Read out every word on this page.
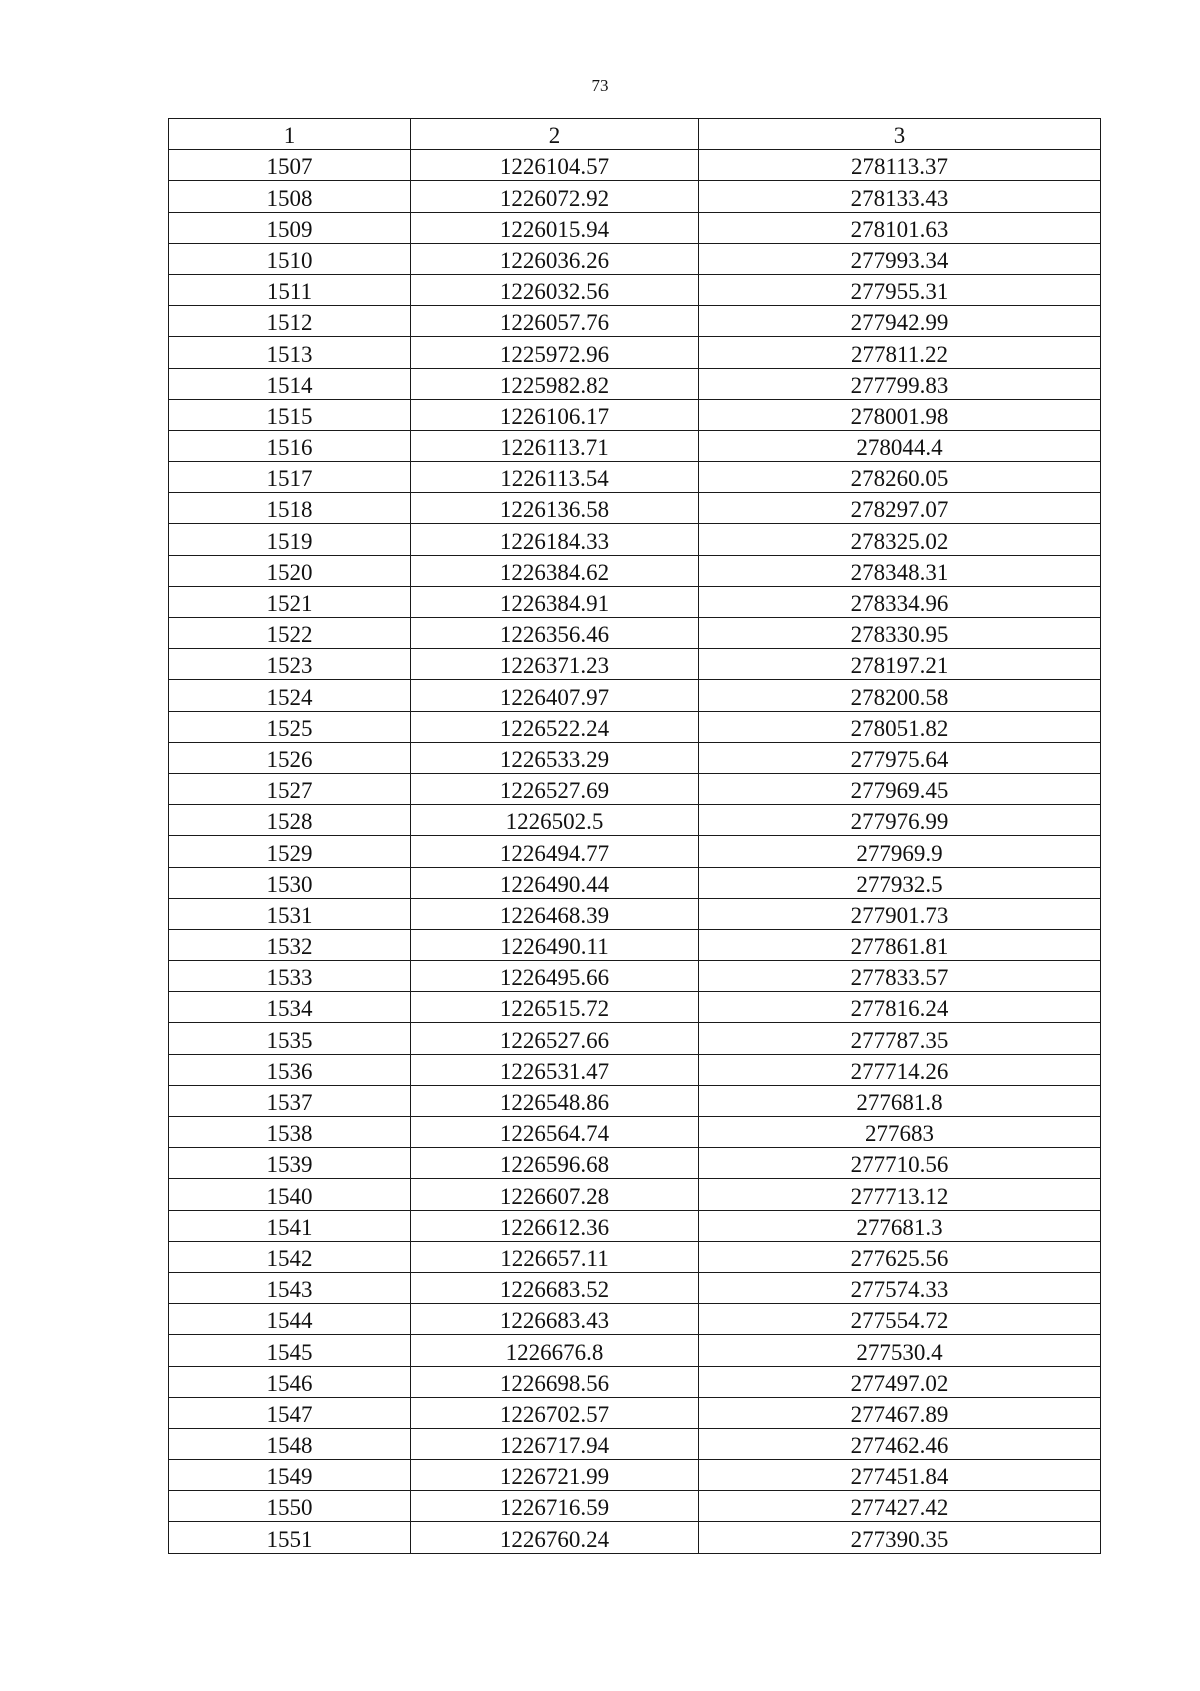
73
1	2	3
1507	1226104.57	278113.37
1508	1226072.92	278133.43
1509	1226015.94	278101.63
1510	1226036.26	277993.34
1511	1226032.56	277955.31
1512	1226057.76	277942.99
1513	1225972.96	277811.22
1514	1225982.82	277799.83
1515	1226106.17	278001.98
1516	1226113.71	278044.4
1517	1226113.54	278260.05
1518	1226136.58	278297.07
1519	1226184.33	278325.02
1520	1226384.62	278348.31
1521	1226384.91	278334.96
1522	1226356.46	278330.95
1523	1226371.23	278197.21
1524	1226407.97	278200.58
1525	1226522.24	278051.82
1526	1226533.29	277975.64
1527	1226527.69	277969.45
1528	1226502.5	277976.99
1529	1226494.77	277969.9
1530	1226490.44	277932.5
1531	1226468.39	277901.73
1532	1226490.11	277861.81
1533	1226495.66	277833.57
1534	1226515.72	277816.24
1535	1226527.66	277787.35
1536	1226531.47	277714.26
1537	1226548.86	277681.8
1538	1226564.74	277683
1539	1226596.68	277710.56
1540	1226607.28	277713.12
1541	1226612.36	277681.3
1542	1226657.11	277625.56
1543	1226683.52	277574.33
1544	1226683.43	277554.72
1545	1226676.8	277530.4
1546	1226698.56	277497.02
1547	1226702.57	277467.89
1548	1226717.94	277462.46
1549	1226721.99	277451.84
1550	1226716.59	277427.42
1551	1226760.24	277390.35
